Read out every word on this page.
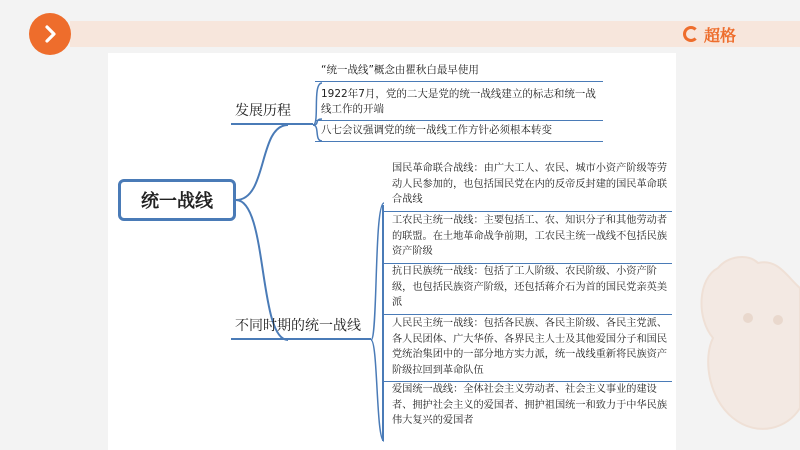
超格
统一战线
发展历程
“统一战线”概念由瞿秋白最早使用
1922年7月，党的二大是党的统一战线建立的标志和统一战线工作的开端
八七会议强调党的统一战线工作方针必须根本转变
不同时期的统一战线
国民革命联合战线：由广大工人、农民、城市小资产阶级等劳动人民参加的，也包括国民党在内的反帝反封建的国民革命联合战线
工农民主统一战线：主要包括工、农、知识分子和其他劳动者的联盟。在土地革命战争前期，工农民主统一战线不包括民族资产阶级
抗日民族统一战线：包括了工人阶级、农民阶级、小资产阶级，也包括民族资产阶级，还包括蒋介石为首的国民党亲英美派
人民民主统一战线：包括各民族、各民主阶级、各民主党派、各人民团体、广大华侨、各界民主人士及其他爱国分子和国民党统治集团中的一部分地方实力派，统一战线重新将民族资产阶级拉回到革命队伍
爱国统一战线：全体社会主义劳动者、社会主义事业的建设者、拥护社会主义的爱国者、拥护祖国统一和致力于中华民族伟大复兴的爱国者
